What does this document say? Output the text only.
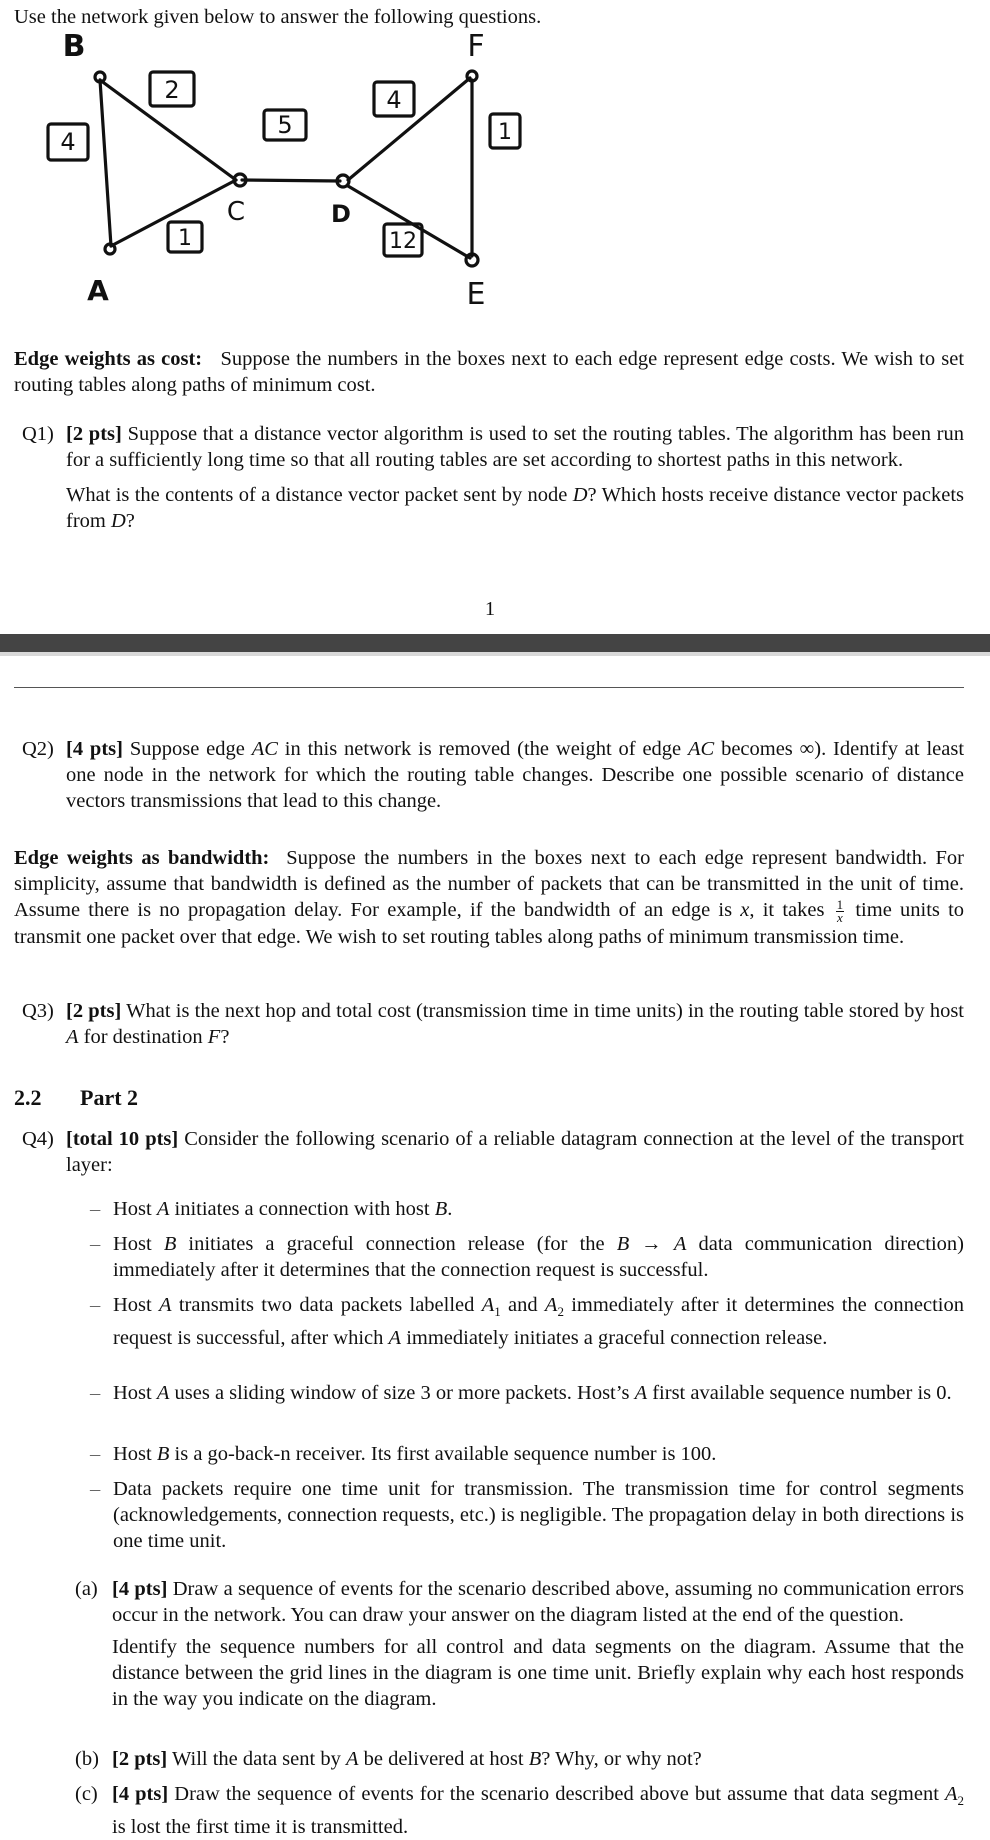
Use the network given below to answer the following questions.
4
2
1
5
4
12
1
B	F
C	D
A	E
Edge weights as cost: Suppose the numbers in the boxes next to each edge represent edge costs. We wish to set routing tables along paths of minimum cost.
Q1) [2 pts] Suppose that a distance vector algorithm is used to set the routing tables. The algorithm has been run for a sufficiently long time so that all routing tables are set according to shortest paths in this network.

What is the contents of a distance vector packet sent by node D? Which hosts receive distance vector packets from D?

1
Q2) [4 pts] Suppose edge AC in this network is removed (the weight of edge AC becomes ∞). Identify at least one node in the network for which the routing table changes. Describe one possible scenario of distance vectors transmissions that lead to this change.

Edge weights as bandwidth: Suppose the numbers in the boxes next to each edge represent bandwidth. For simplicity, assume that bandwidth is defined as the number of packets that can be transmitted in the unit of time. Assume there is no propagation delay. For example, if the bandwidth of an edge is x, it takes $\frac{1}{x}$ time units to transmit one packet over that edge. We wish to set routing tables along paths of minimum transmission time.
Q3) [2 pts] What is the next hop and total cost (transmission time in time units) in the routing table stored by host A for destination F?

2.2 Part 2
Q4) [total 10 pts] Consider the following scenario of a reliable datagram connection at the level of the transport layer:

– Host A initiates a connection with host B.
– Host B initiates a graceful connection release (for the B → A data communication direction) immediately after it determines that the connection request is successful.
– Host A transmits two data packets labelled $A_1$ and $A_2$ immediately after it determines the connection request is successful, after which A immediately initiates a graceful connection release.
– Host A uses a sliding window of size 3 or more packets. Host’s A first available sequence number is 0.
– Host B is a go-back-n receiver. Its first available sequence number is 100.
– Data packets require one time unit for transmission. The transmission time for control segments (acknowledgements, connection requests, etc.) is negligible. The propagation delay in both directions is one time unit.
(a) [4 pts] Draw a sequence of events for the scenario described above, assuming no communication errors occur in the network. You can draw your answer on the diagram listed at the end of the question.

Identify the sequence numbers for all control and data segments on the diagram. Assume that the distance between the grid lines in the diagram is one time unit. Briefly explain why each host responds in the way you indicate on the diagram.

(b) [2 pts] Will the data sent by A be delivered at host B? Why, or why not?
(c) [4 pts] Draw the sequence of events for the scenario described above but assume that data segment $A_2$ is lost the first time it is transmitted.
